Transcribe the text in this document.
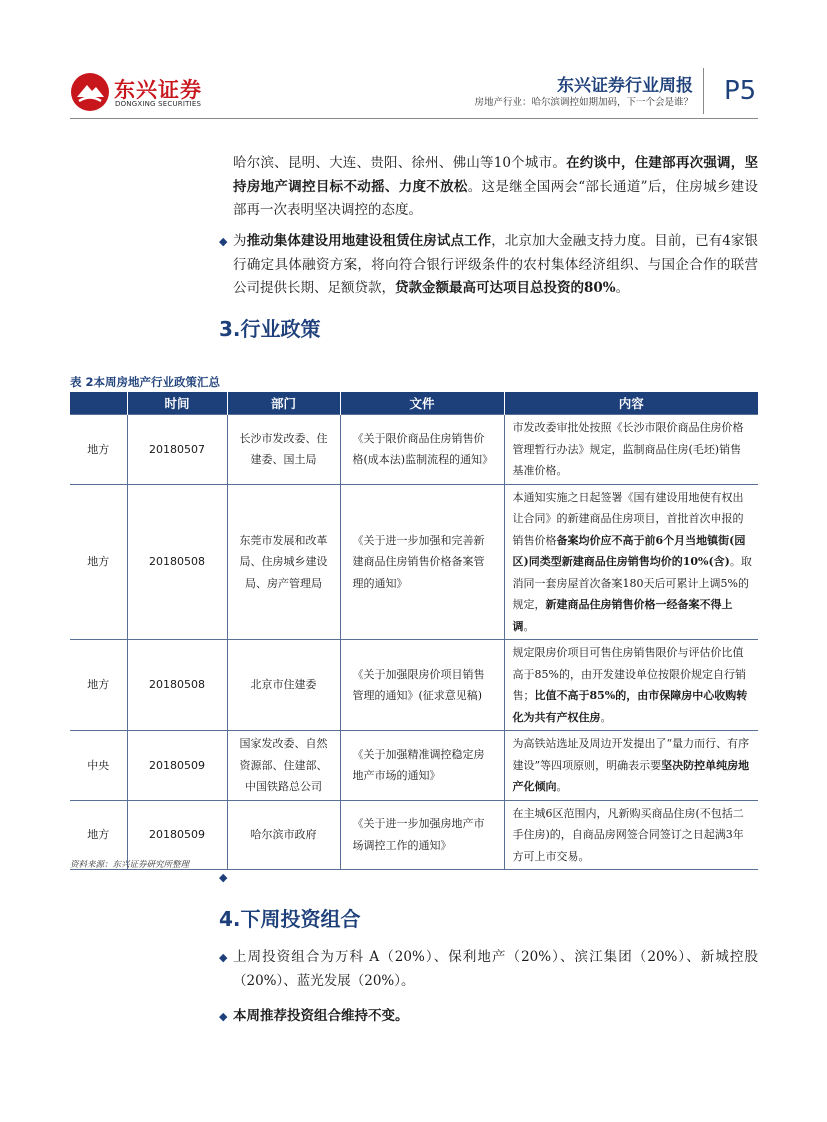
东兴证券
DONGXING SECURITIES
东兴证券行业周报
房地产行业：哈尔滨调控如期加码，下一个会是谁？ P5
哈尔滨、昆明、大连、贵阳、徐州、佛山等10个城市。在约谈中，住建部再次强调，坚持房地产调控目标不动摇、力度不放松。这是继全国两会“部长通道”后，住房城乡建设部再一次表明坚决调控的态度。
◆ 为推动集体建设用地建设租赁住房试点工作，北京加大金融支持力度。目前，已有4家银行确定具体融资方案，将向符合银行评级条件的农村集体经济组织、与国企合作的联营公司提供长期、足额贷款，贷款金额最高可达项目总投资的80%。
3.行业政策
表 2本周房地产行业政策汇总
	时间	部门	文件	内容
地方	20180507	长沙市发改委、住建委、国土局	《关于限价商品住房销售价格(成本法)监制流程的通知》	市发改委审批处按照《长沙市限价商品住房价格管理暂行办法》规定，监制商品住房(毛坯)销售基准价格。
地方	20180508	东莞市发展和改革局、住房城乡建设局、房产管理局	《关于进一步加强和完善新建商品住房销售价格备案管理的通知》	本通知实施之日起签署《国有建设用地使有权出让合同》的新建商品住房项目，首批首次申报的销售价格备案均价应不高于前6个月当地镇街(园区)同类型新建商品住房销售均价的10%(含)。取消同一套房屋首次备案180天后可累计上调5%的规定，新建商品住房销售价格一经备案不得上调。
地方	20180508	北京市住建委	《关于加强限房价项目销售管理的通知》(征求意见稿)	规定限房价项目可售住房销售限价与评估价比值高于85%的，由开发建设单位按限价规定自行销售；比值不高于85%的，由市保障房中心收购转化为共有产权住房。
中央	20180509	国家发改委、自然资源部、住建部、中国铁路总公司	《关于加强精准调控稳定房地产市场的通知》	为高铁站选址及周边开发提出了“量力而行、有序建设”等四项原则，明确表示要坚决防控单纯房地产化倾向。
地方	20180509	哈尔滨市政府	《关于进一步加强房地产市场调控工作的通知》	在主城6区范围内，凡新购买商品住房(不包括二手住房)的，自商品房网签合同签订之日起满3年方可上市交易。
资料来源：东兴证券研究所整理
◆
4.下周投资组合
◆ 上周投资组合为万科 A（20%）、保利地产（20%）、滨江集团（20%）、新城控股（20%）、蓝光发展（20%）。
◆ 本周推荐投资组合维持不变。
